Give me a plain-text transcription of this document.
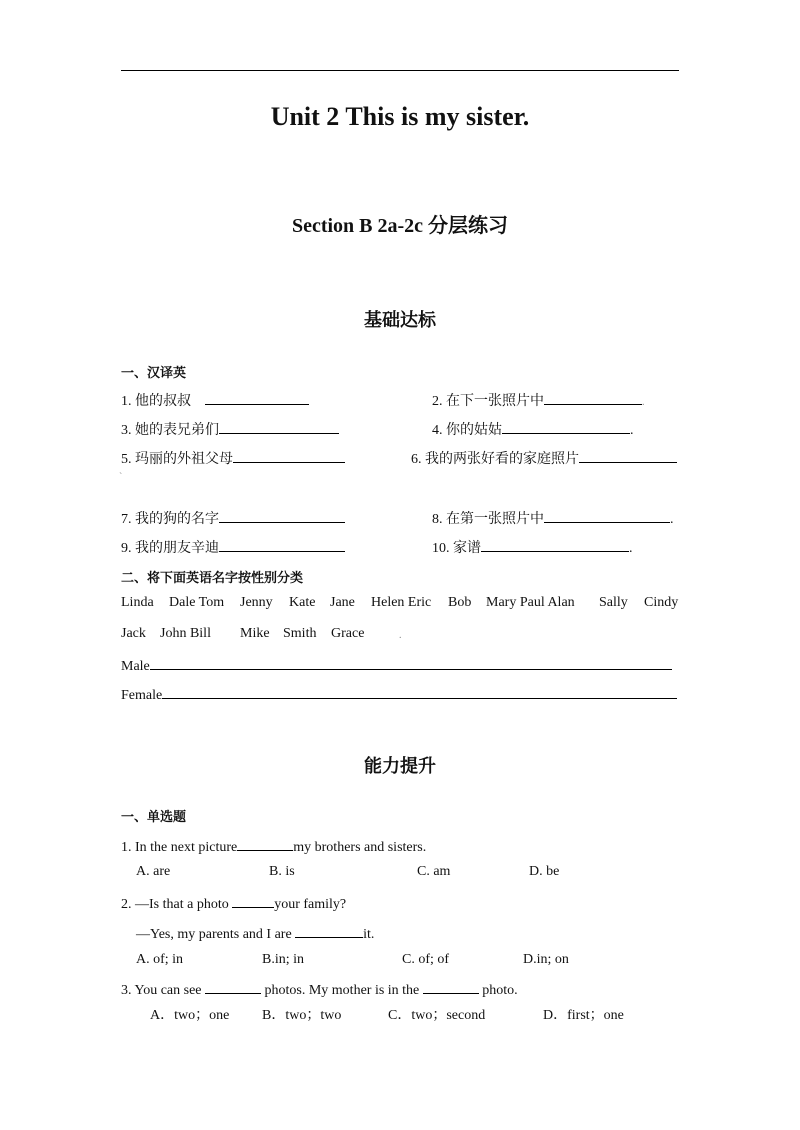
Unit 2 This is my sister.
Section B 2a-2c 分层练习
基础达标
一、汉译英
1. 他的叔叔	2. 在下一张照片中	.
3. 她的表兄弟们	4. 你的姑姑	.
5. 玛丽的外祖父母	6. 我的两张好看的家庭照片
`
7. 我的狗的名字	8. 在第一张照片中	.
9. 我的朋友辛迪	10. 家谱	.
二、将下面英语名字按性别分类
Linda Dale Tom Jenny Kate Jane Helen Eric Bob Mary Paul Alan Sally Cindy
Jack John Bill Mike Smith Grace	.
Male
Female
能力提升
一、单选题
1. In the next picture	my brothers and sisters.
A. are	B. is	C. am	D. be
2. —Is that a photo	your family?
—Yes, my parents and I are	it.
A. of; in	B.in; in	C. of; of	D.in; on
3. You can see	photos. My mother is in the	photo.
A．two；one B．two；two	C．two；second	D．first；one
